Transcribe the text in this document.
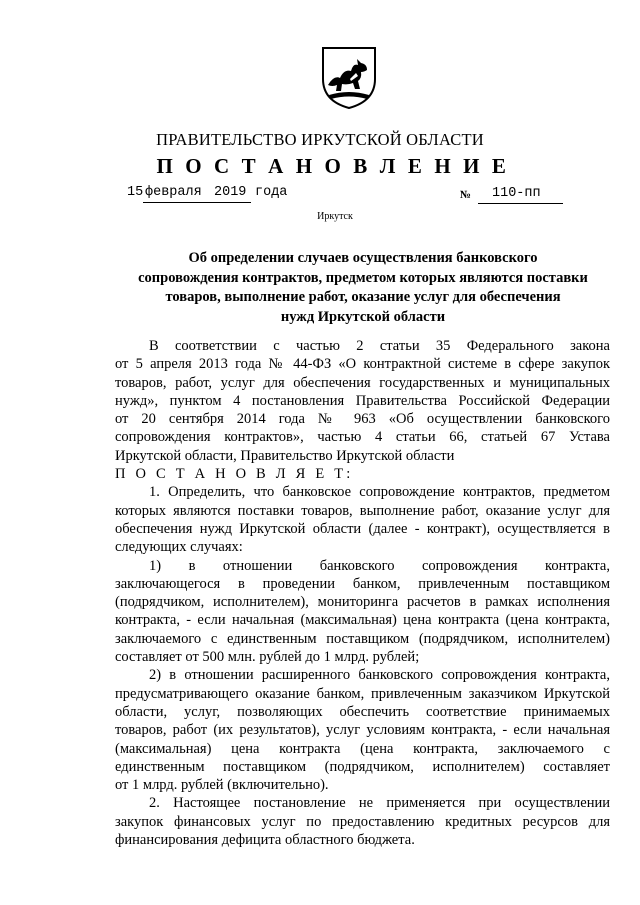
ПРАВИТЕЛЬСТВО ИРКУТСКОЙ ОБЛАСТИ
П О С Т А Н О В Л Е Н И Е
15 февраля 2019 года	№ 110-пп
Иркутск
Об определении случаев осуществления банковского
сопровождения контрактов, предметом которых являются поставки
товаров, выполнение работ, оказание услуг для обеспечения
нужд Иркутской области
В соответствии с частью 2 статьи 35 Федерального закона
от 5 апреля 2013 года № 44-ФЗ «О контрактной системе в сфере закупок
товаров, работ, услуг для обеспечения государственных и муниципальных
нужд», пунктом 4 постановления Правительства Российской Федерации
от 20 сентября 2014 года № 963 «Об осуществлении банковского
сопровождения контрактов», частью 4 статьи 66, статьей 67 Устава
Иркутской области, Правительство Иркутской области
П О С Т А Н О В Л Я Е Т:
1. Определить, что банковское сопровождение контрактов, предметом
которых являются поставки товаров, выполнение работ, оказание услуг для
обеспечения нужд Иркутской области (далее - контракт), осуществляется в
следующих случаях:
1) в отношении банковского сопровождения контракта,
заключающегося в проведении банком, привлеченным поставщиком
(подрядчиком, исполнителем), мониторинга расчетов в рамках исполнения
контракта, - если начальная (максимальная) цена контракта (цена контракта,
заключаемого с единственным поставщиком (подрядчиком, исполнителем)
составляет от 500 млн. рублей до 1 млрд. рублей;
2) в отношении расширенного банковского сопровождения контракта,
предусматривающего оказание банком, привлеченным заказчиком Иркутской
области, услуг, позволяющих обеспечить соответствие принимаемых
товаров, работ (их результатов), услуг условиям контракта, - если начальная
(максимальная) цена контракта (цена контракта, заключаемого с
единственным поставщиком (подрядчиком, исполнителем) составляет
от 1 млрд. рублей (включительно).
2. Настоящее постановление не применяется при осуществлении
закупок финансовых услуг по предоставлению кредитных ресурсов для
финансирования дефицита областного бюджета.
